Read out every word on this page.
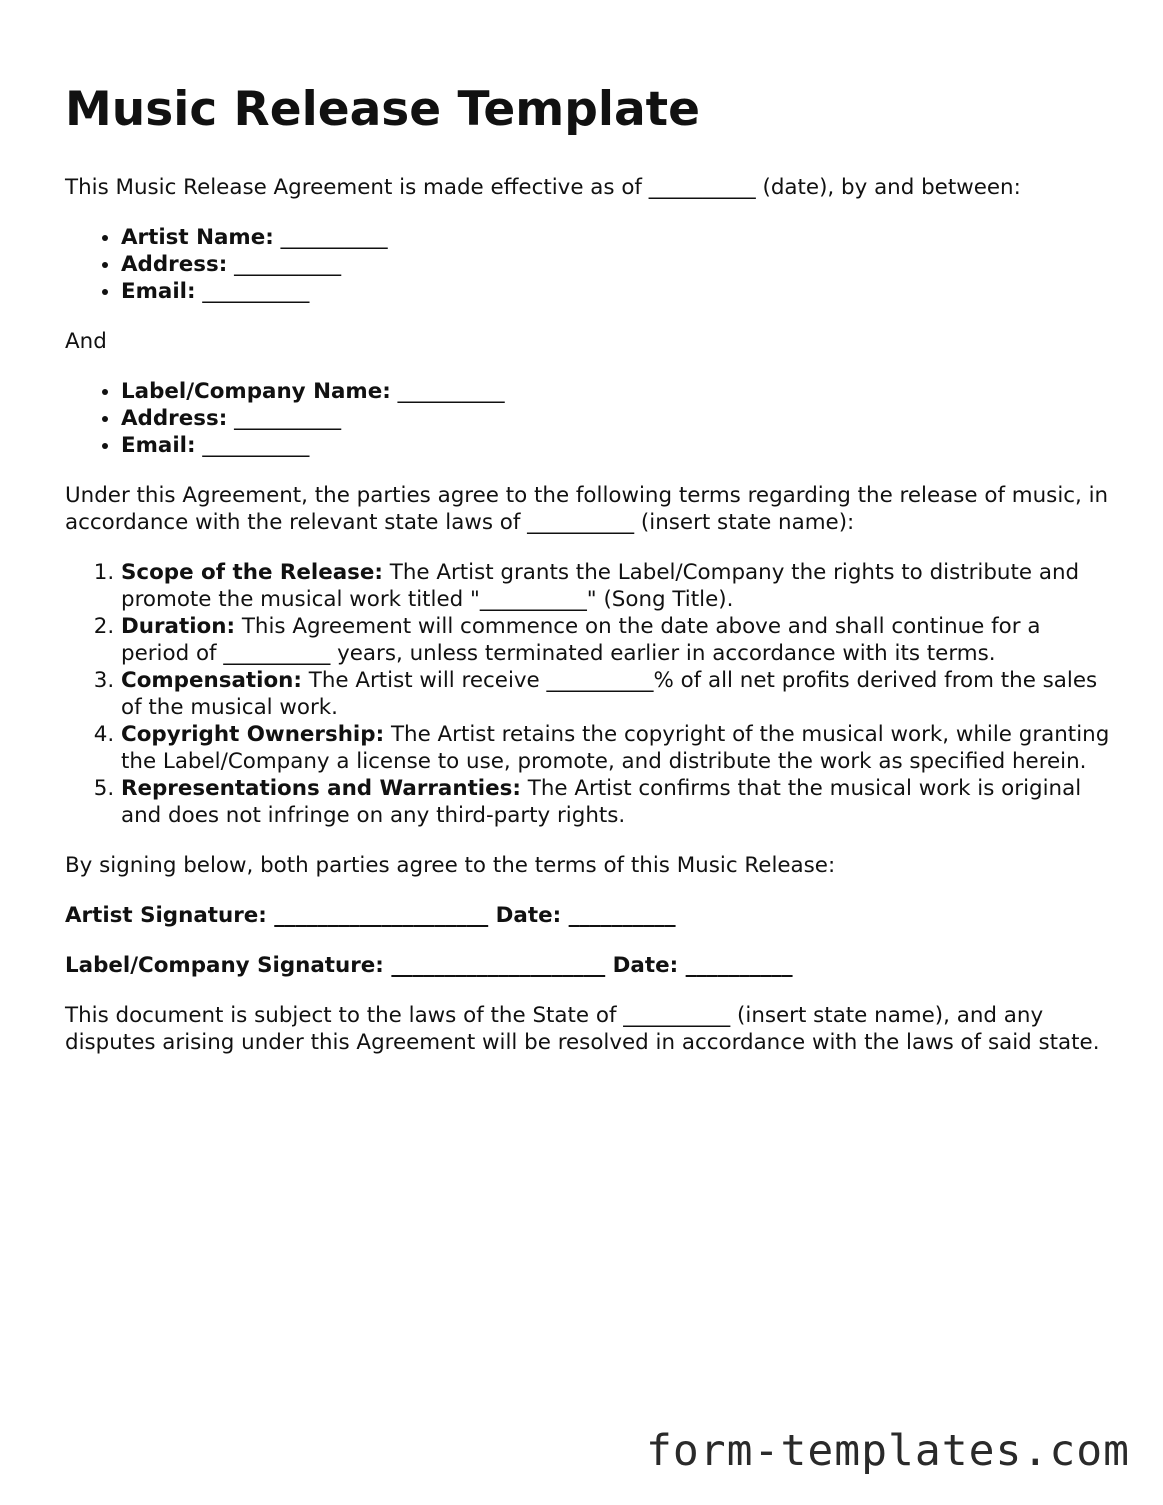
Music Release Template

This Music Release Agreement is made effective as of __________ (date), by and between:

• Artist Name: __________
• Address: __________
• Email: __________

And

• Label/Company Name: __________
• Address: __________
• Email: __________

Under this Agreement, the parties agree to the following terms regarding the release of music, in accordance with the relevant state laws of __________ (insert state name):

1. Scope of the Release: The Artist grants the Label/Company the rights to distribute and promote the musical work titled "__________" (Song Title).
2. Duration: This Agreement will commence on the date above and shall continue for a period of __________ years, unless terminated earlier in accordance with its terms.
3. Compensation: The Artist will receive __________% of all net profits derived from the sales of the musical work.
4. Copyright Ownership: The Artist retains the copyright of the musical work, while granting the Label/Company a license to use, promote, and distribute the work as specified herein.
5. Representations and Warranties: The Artist confirms that the musical work is original and does not infringe on any third-party rights.

By signing below, both parties agree to the terms of this Music Release:

Artist Signature: ____________________ Date: __________
Label/Company Signature: ____________________ Date: __________

This document is subject to the laws of the State of __________ (insert state name), and any disputes arising under this Agreement will be resolved in accordance with the laws of said state.

form-templates.com
